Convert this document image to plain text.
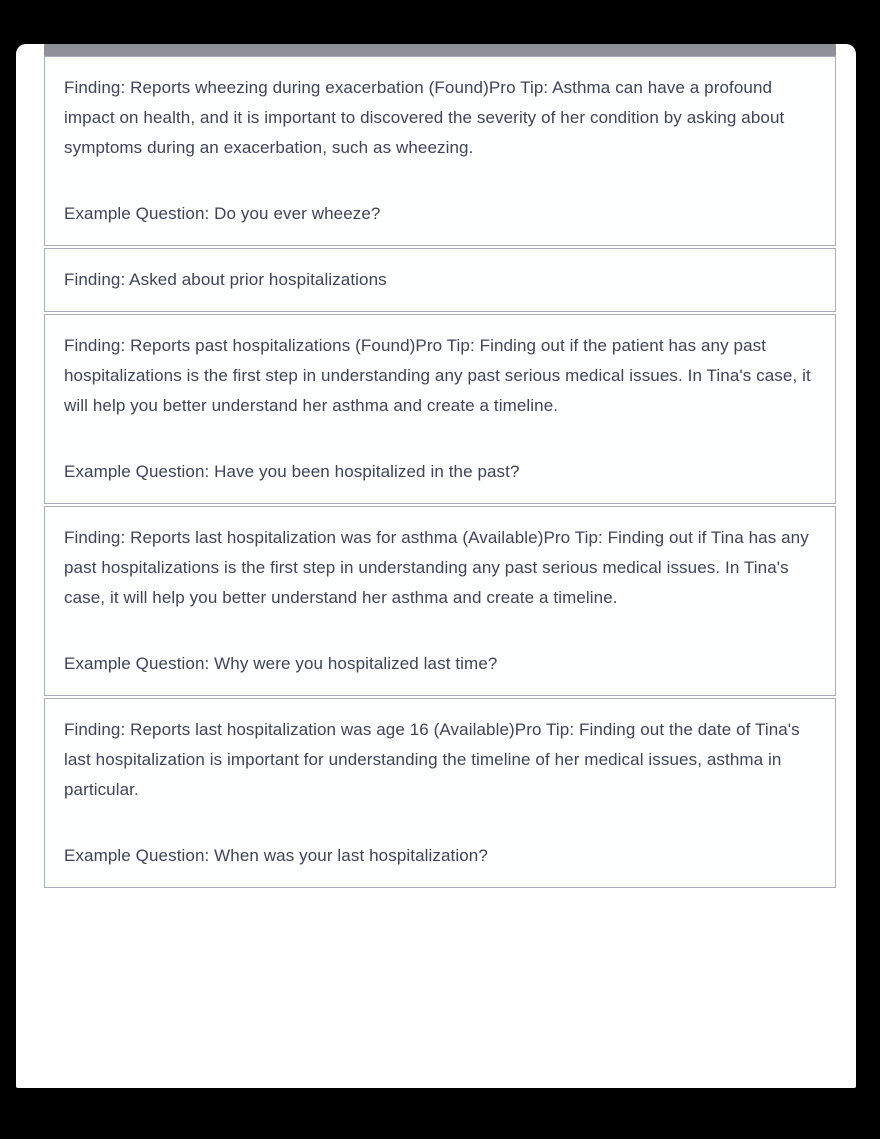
Finding: Reports wheezing during exacerbation (Found)Pro Tip: Asthma can have a profound impact on health, and it is important to discovered the severity of her condition by asking about symptoms during an exacerbation, such as wheezing.

Example Question: Do you ever wheeze?

Finding: Asked about prior hospitalizations

Finding: Reports past hospitalizations (Found)Pro Tip: Finding out if the patient has any past hospitalizations is the first step in understanding any past serious medical issues. In Tina's case, it will help you better understand her asthma and create a timeline.

Example Question: Have you been hospitalized in the past?

Finding: Reports last hospitalization was for asthma (Available)Pro Tip: Finding out if Tina has any past hospitalizations is the first step in understanding any past serious medical issues. In Tina's case, it will help you better understand her asthma and create a timeline.

Example Question: Why were you hospitalized last time?

Finding: Reports last hospitalization was age 16 (Available)Pro Tip: Finding out the date of Tina's last hospitalization is important for understanding the timeline of her medical issues, asthma in particular.

Example Question: When was your last hospitalization?
